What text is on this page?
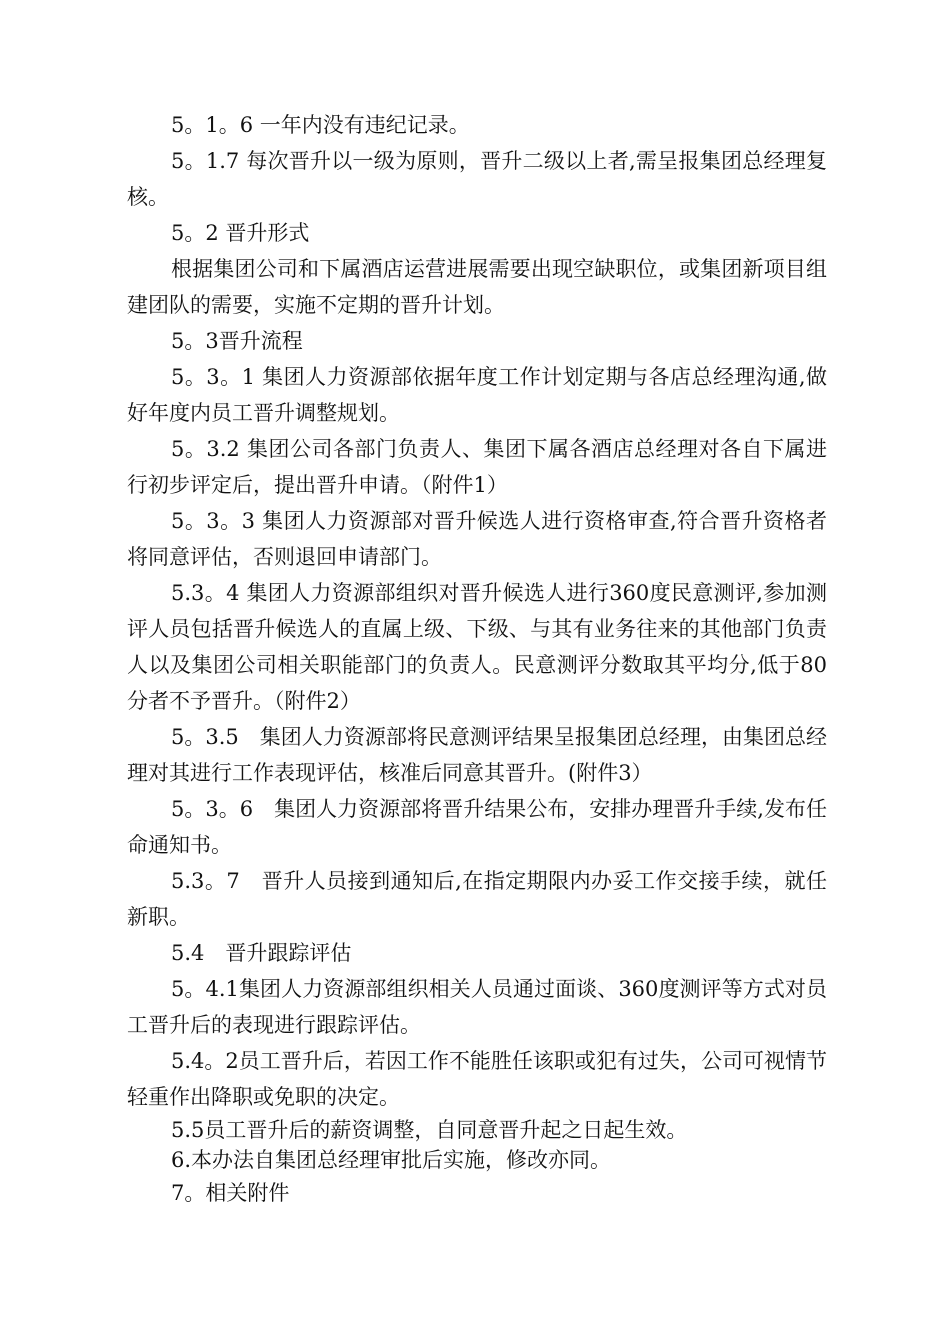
5。1。6 一年内没有违纪记录。

5。1.7 每次晋升以一级为原则，晋升二级以上者,需呈报集团总经理复核。

5。2 晋升形式

根据集团公司和下属酒店运营进展需要出现空缺职位，或集团新项目组建团队的需要，实施不定期的晋升计划。

5。3晋升流程

5。3。1 集团人力资源部依据年度工作计划定期与各店总经理沟通,做好年度内员工晋升调整规划。

5。3.2 集团公司各部门负责人、集团下属各酒店总经理对各自下属进行初步评定后，提出晋升申请。（附件1）

5。3。3 集团人力资源部对晋升候选人进行资格审查,符合晋升资格者将同意评估，否则退回申请部门。

5.3。4 集团人力资源部组织对晋升候选人进行360度民意测评,参加测评人员包括晋升候选人的直属上级、下级、与其有业务往来的其他部门负责人以及集团公司相关职能部门的负责人。民意测评分数取其平均分,低于80分者不予晋升。（附件2）

5。3.5　集团人力资源部将民意测评结果呈报集团总经理，由集团总经理对其进行工作表现评估，核准后同意其晋升。(附件3）

5。3。6　集团人力资源部将晋升结果公布，安排办理晋升手续,发布任命通知书。

5.3。7　晋升人员接到通知后,在指定期限内办妥工作交接手续，就任新职。

5.4　晋升跟踪评估

5。4.1集团人力资源部组织相关人员通过面谈、360度测评等方式对员工晋升后的表现进行跟踪评估。

5.4。2员工晋升后，若因工作不能胜任该职或犯有过失，公司可视情节轻重作出降职或免职的决定。

5.5员工晋升后的薪资调整，自同意晋升起之日起生效。

6.本办法自集团总经理审批后实施，修改亦同。

7。相关附件
